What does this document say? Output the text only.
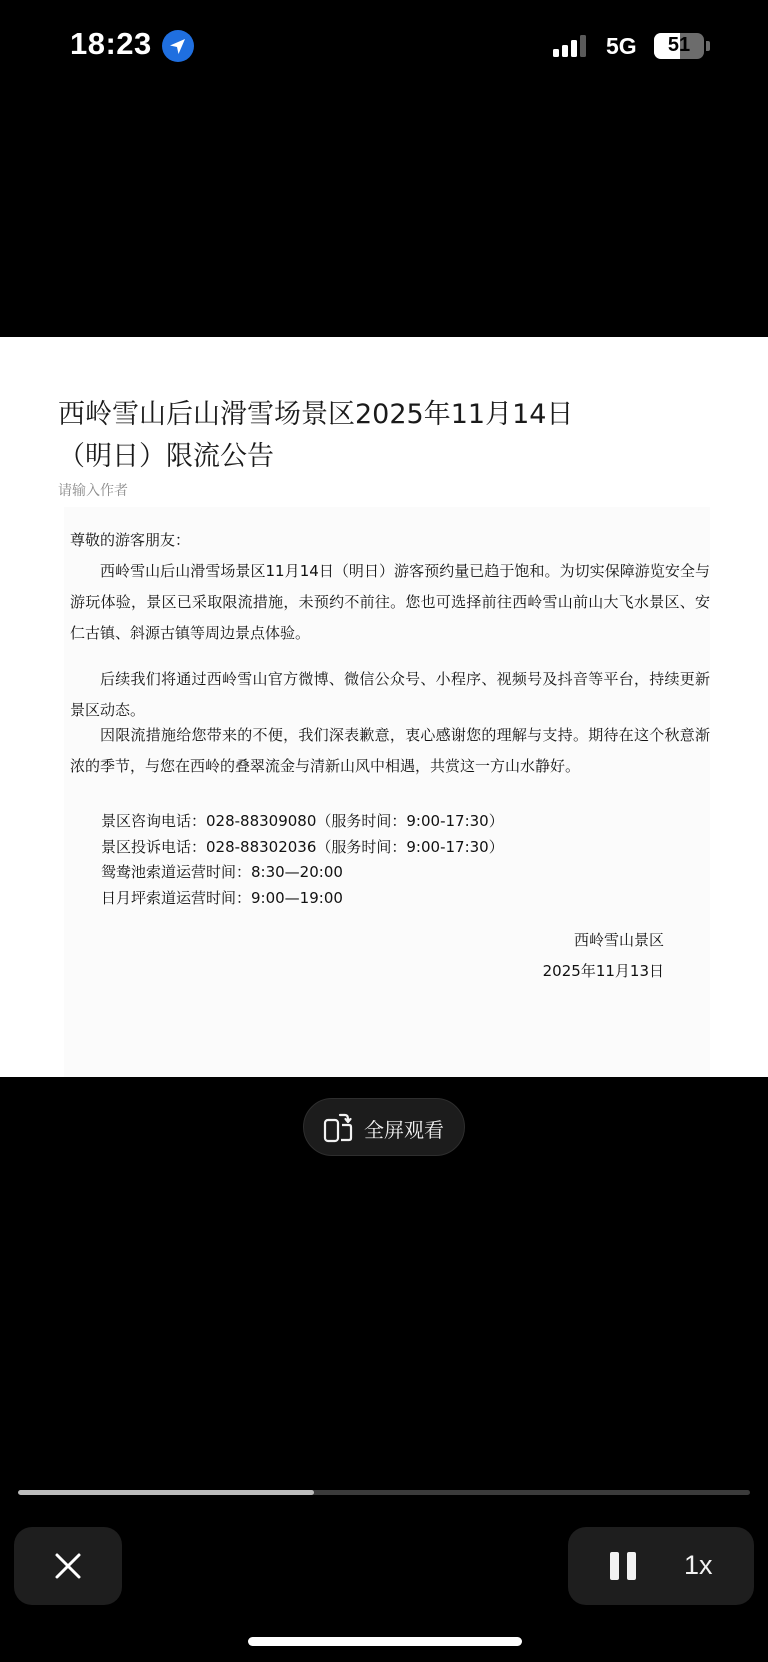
18:23	5G	51
西岭雪山后山滑雪场景区2025年11月14日
（明日）限流公告
请输入作者
尊敬的游客朋友：
西岭雪山后山滑雪场景区11月14日（明日）游客预约量已趋于饱和。为切实保障游览安全与游玩体验，景区已采取限流措施，未预约不前往。您也可选择前往西岭雪山前山大飞水景区、安仁古镇、斜源古镇等周边景点体验。
后续我们将通过西岭雪山官方微博、微信公众号、小程序、视频号及抖音等平台，持续更新景区动态。
因限流措施给您带来的不便，我们深表歉意，衷心感谢您的理解与支持。期待在这个秋意渐浓的季节，与您在西岭的叠翠流金与清新山风中相遇，共赏这一方山水静好。
景区咨询电话：028-88309080（服务时间：9:00-17:30）
景区投诉电话：028-88302036（服务时间：9:00-17:30）
鸳鸯池索道运营时间：8:30—20:00
日月坪索道运营时间：9:00—19:00
西岭雪山景区
2025年11月13日
全屏观看
1x
